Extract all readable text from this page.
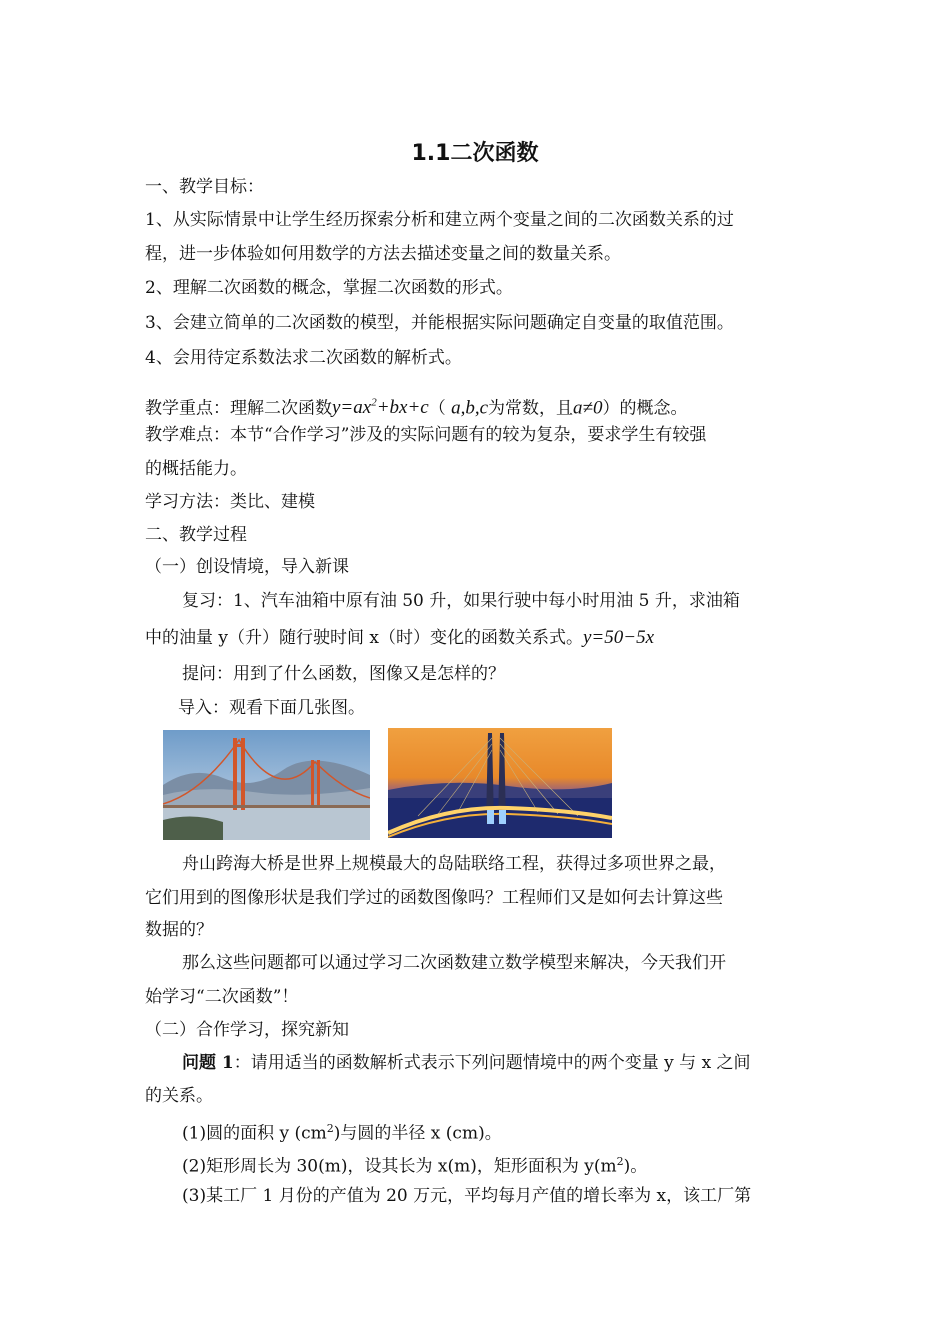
1.1二次函数
一、教学目标：
1、从实际情景中让学生经历探索分析和建立两个变量之间的二次函数关系的过
程，进一步体验如何用数学的方法去描述变量之间的数量关系。
2、理解二次函数的概念，掌握二次函数的形式。
3、会建立简单的二次函数的模型，并能根据实际问题确定自变量的取值范围。
4、会用待定系数法求二次函数的解析式。
教学重点：理解二次函数$y=ax^2+bx+c$（ a,b,c为常数，且a≠0）的概念。
教学难点：本节“合作学习”涉及的实际问题有的较为复杂，要求学生有较强
的概括能力。
学习方法：类比、建模
二、教学过程
（一）创设情境，导入新课
复习：1、汽车油箱中原有油 50 升，如果行驶中每小时用油 5 升，求油箱
中的油量 y（升）随行驶时间 x（时）变化的函数关系式。y=50−5x
提问：用到了什么函数，图像又是怎样的？
导入：观看下面几张图。
舟山跨海大桥是世界上规模最大的岛陆联络工程，获得过多项世界之最，
它们用到的图像形状是我们学过的函数图像吗？工程师们又是如何去计算这些
数据的？
那么这些问题都可以通过学习二次函数建立数学模型来解决，今天我们开
始学习“二次函数”！
（二）合作学习，探究新知
问题 1：请用适当的函数解析式表示下列问题情境中的两个变量 y 与 x 之间
的关系。
(1)圆的面积 y $(cm^2)$与圆的半径 x (cm)。
(2)矩形周长为 30(m)，设其长为 x(m)，矩形面积为 $y(m^2)$。
(3)某工厂 1 月份的产值为 20 万元，平均每月产值的增长率为 x，该工厂第
